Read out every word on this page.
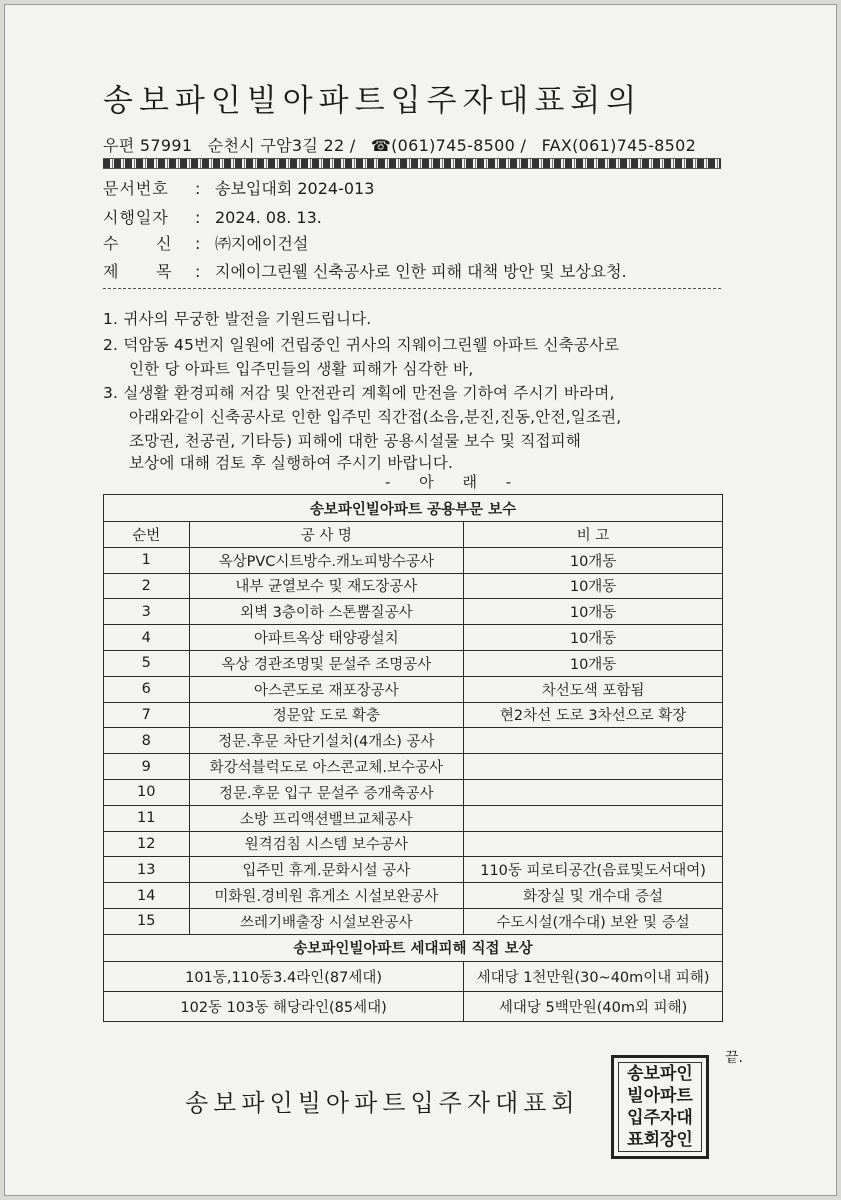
송보파인빌아파트입주자대표회의
우편 57991 순천시 구암3길 22 / ☎(061)745-8500 / FAX(061)745-8502
문서번호 : 송보입대회 2024-013
시행일자 : 2024. 08. 13.
수      신 : ㈜지에이건설
제      목 : 지에이그린웰 신축공사로 인한 피해 대책 방안 및 보상요청.
1. 귀사의 무궁한 발전을 기원드립니다.
2. 덕암동 45번지 일원에 건립중인 귀사의 지웨이그린웰 아파트 신축공사로
인한 당 아파트 입주민들의 생활 피해가 심각한 바,
3. 실생활 환경피해 저감 및 안전관리 계획에 만전을 기하여 주시기 바라며,
아래와같이 신축공사로 인한 입주민 직간접(소음,분진,진동,안전,일조권,
조망권, 천공권, 기타등) 피해에 대한 공용시설물 보수 및 직접피해
보상에 대해 검토 후 실행하여 주시기 바랍니다.
- 아 래 -
송보파인빌아파트 공용부문 보수		
순번	공 사 명	비 고
1	옥상PVC시트방수.캐노피방수공사	10개동
2	내부 균열보수 및 재도장공사	10개동
3	외벽 3층이하 스톤뿜질공사	10개동
4	아파트옥상 태양광설치	10개동
5	옥상 경관조명및 문설주 조명공사	10개동
6	아스콘도로 재포장공사	차선도색 포함됨
7	정문앞 도로 확충	현2차선 도로 3차선으로 확장
8	정문.후문 차단기설치(4개소) 공사	
9	화강석블럭도로 아스콘교체.보수공사	
10	정문.후문 입구 문설주 증개축공사	
11	소방 프리액션밸브교체공사	
12	원격검침 시스템 보수공사	
13	입주민 휴게.문화시설 공사	110동 피로티공간(음료및도서대여)
14	미화원.경비원 휴게소 시설보완공사	화장실 및 개수대 증설
15	쓰레기배출장 시설보완공사	수도시설(개수대) 보완 및 증설
송보파인빌아파트 세대피해 직접 보상		
101동,110동3.4라인(87세대)		세대당 1천만원(30~40m이내 피해)
102동 103동 해당라인(85세대)		세대당 5백만원(40m외 피해)
끝.
송보파인빌아파트입주자대표회
송보파인
빌아파트
입주자대
표회장인
